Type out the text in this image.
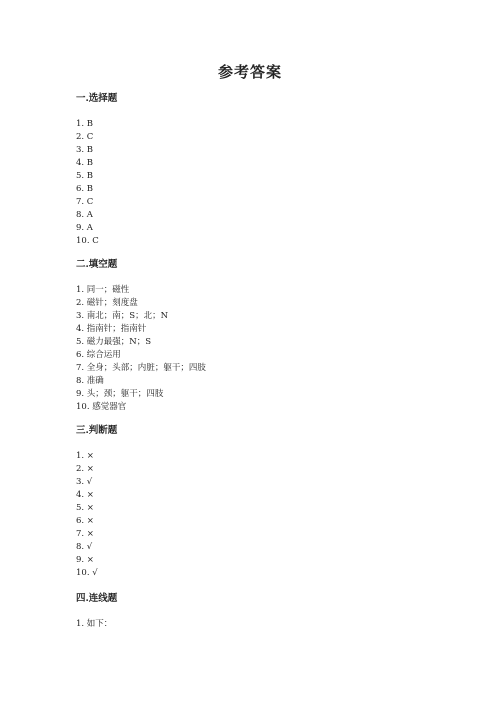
参考答案
一.选择题
1. B
2. C
3. B
4. B
5. B
6. B
7. C
8. A
9. A
10. C
二.填空题
1. 同一；磁性
2. 磁针；刻度盘
3. 南北；南；S；北；N
4. 指南针；指南针
5. 磁力最强；N；S
6. 综合运用
7. 全身；头部；内脏；躯干；四肢
8. 准确
9. 头；颈；躯干；四肢
10. 感觉器官
三.判断题
1. ×
2. ×
3. √
4. ×
5. ×
6. ×
7. ×
8. √
9. ×
10. √
四.连线题
1. 如下：
